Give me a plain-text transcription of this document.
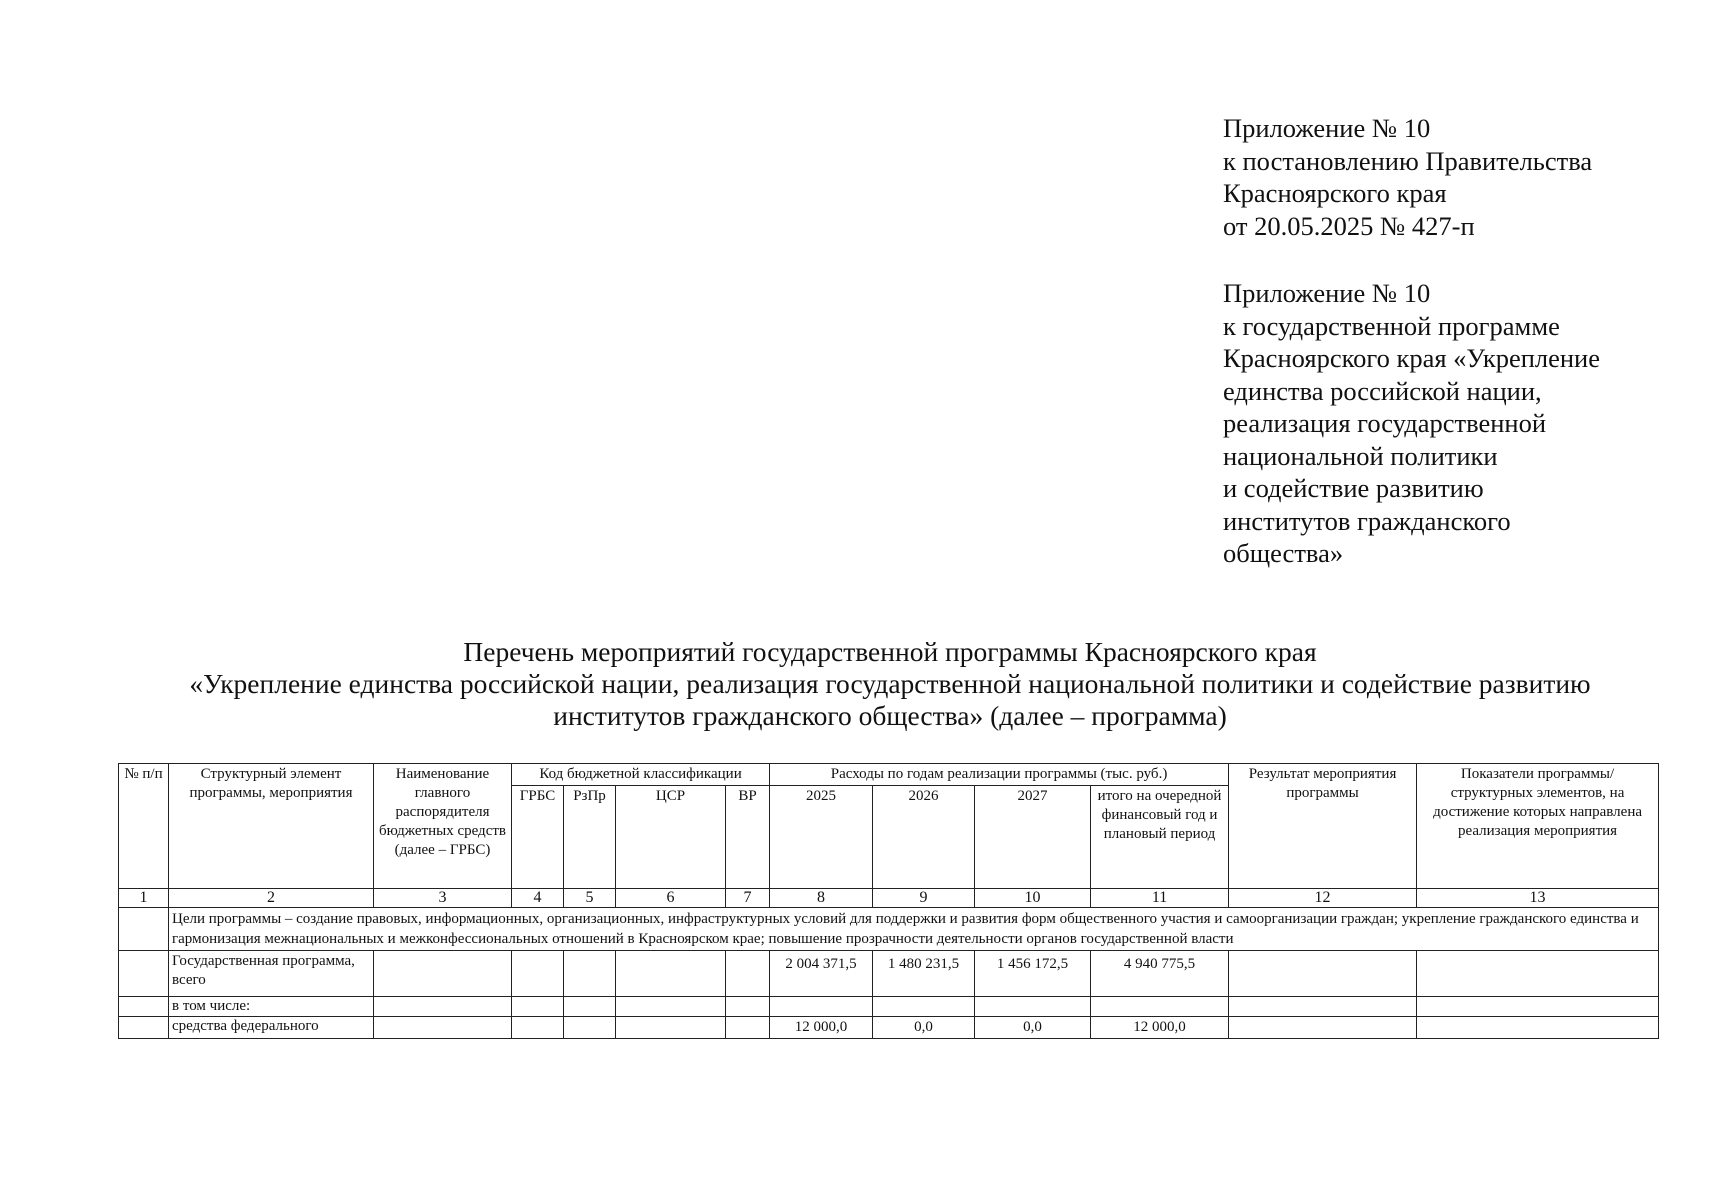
Приложение № 10
к постановлению Правительства
Красноярского края
от 20.05.2025 № 427-п
Приложение № 10
к государственной программе
Красноярского края «Укрепление
единства российской нации,
реализация государственной
национальной политики
и содействие развитию
институтов гражданского
общества»
Перечень мероприятий государственной программы Красноярского края
«Укрепление единства российской нации, реализация государственной национальной политики и содействие развитию
институтов гражданского общества» (далее – программа)
№ п/п	Структурный элемент программы, мероприятия	Наименование главного распорядителя бюджетных средств (далее – ГРБС)	Код бюджетной классификации				Расходы по годам реализации программы (тыс. руб.)				Результат мероприятия программы	Показатели программы/ структурных элементов, на достижение которых направлена реализация мероприятия
			ГРБС	РзПр	ЦСР	ВР	2025	2026	2027	итого на очередной финансовый год и плановый период		
1	2	3	4	5	6	7	8	9	10	11	12	13
	Цели программы – создание правовых, информационных, организационных, инфраструктурных условий для поддержки и развития форм общественного участия и самоорганизации граждан; укрепление гражданского единства и гармонизация межнациональных и межконфессиональных отношений в Красноярском крае; повышение прозрачности деятельности органов государственной власти											
	Государственная программа, всего						2 004 371,5	1 480 231,5	1 456 172,5	4 940 775,5		
	в том числе:											
	средства федерального						12 000,0	0,0	0,0	12 000,0		
